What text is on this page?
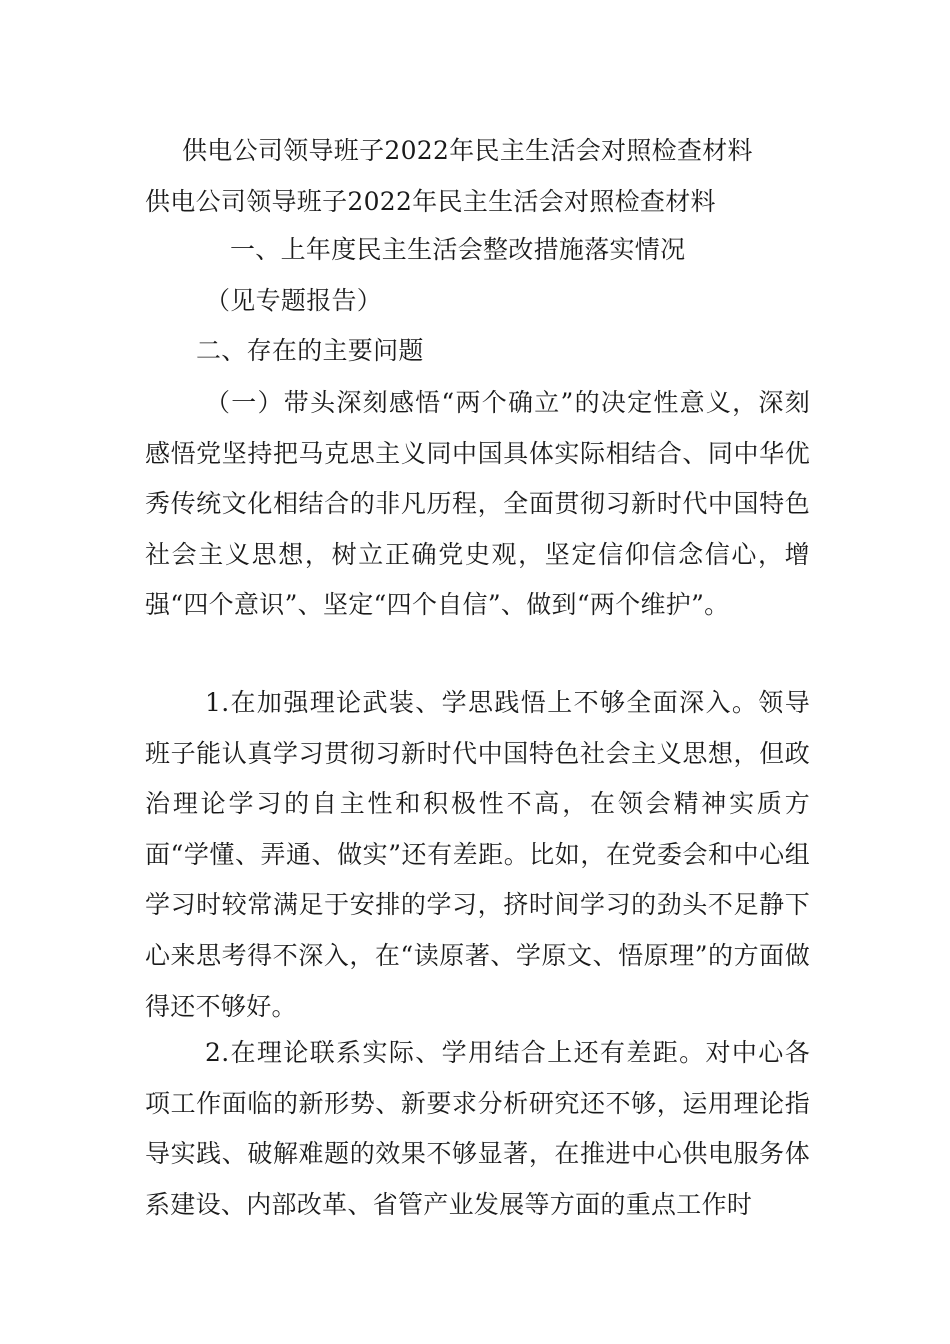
供电公司领导班子2022年民主生活会对照检查材料
供电公司领导班子2022年民主生活会对照检查材料
一、上年度民主生活会整改措施落实情况
（见专题报告）
二、存在的主要问题
（一）带头深刻感悟“两个确立”的决定性意义，深刻感悟党坚持把马克思主义同中国具体实际相结合、同中华优秀传统文化相结合的非凡历程，全面贯彻习新时代中国特色社会主义思想，树立正确党史观，坚定信仰信念信心，增强“四个意识”、坚定“四个自信”、做到“两个维护”。
1.在加强理论武装、学思践悟上不够全面深入。领导班子能认真学习贯彻习新时代中国特色社会主义思想，但政治理论学习的自主性和积极性不高，在领会精神实质方面“学懂、弄通、做实”还有差距。比如，在党委会和中心组学习时较常满足于安排的学习，挤时间学习的劲头不足静下心来思考得不深入，在“读原著、学原文、悟原理”的方面做得还不够好。
2.在理论联系实际、学用结合上还有差距。对中心各项工作面临的新形势、新要求分析研究还不够，运用理论指导实践、破解难题的效果不够显著，在推进中心供电服务体系建设、内部改革、省管产业发展等方面的重点工作时
